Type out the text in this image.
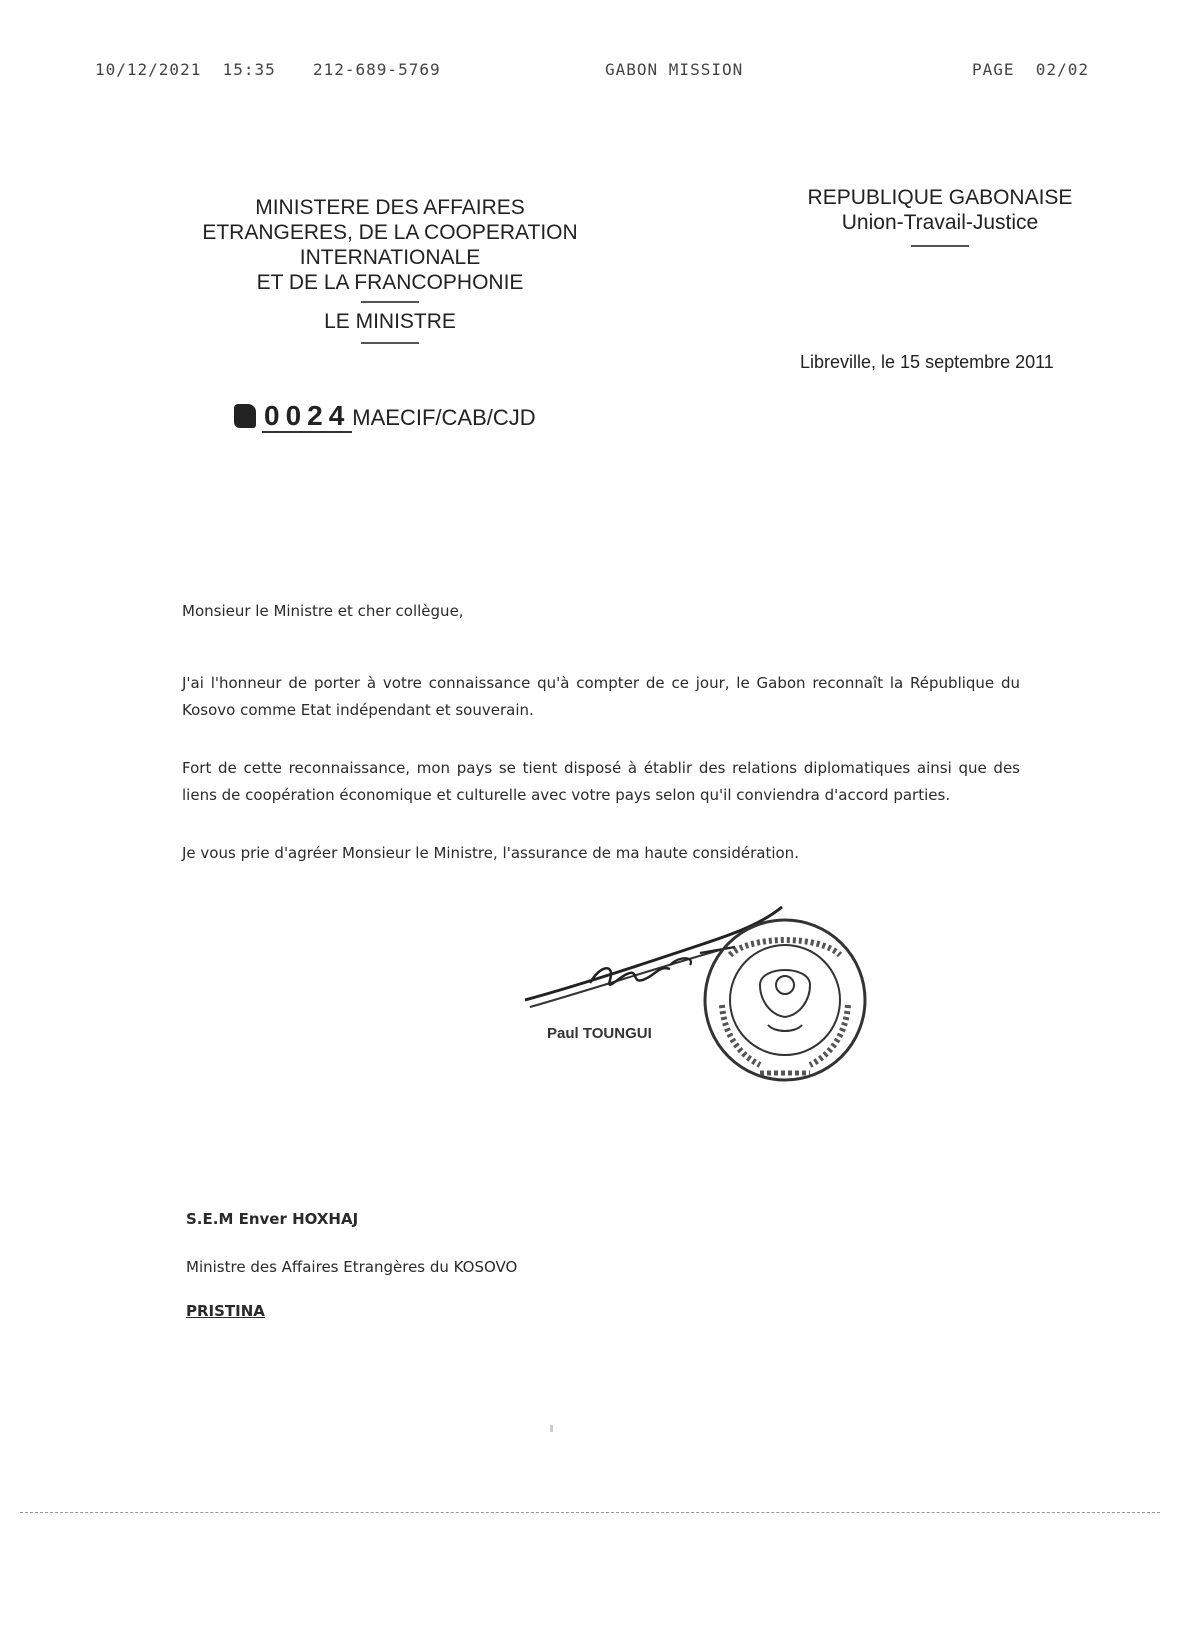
10/12/2021  15:35 212-689-5769	GABON MISSION	PAGE  02/02
MINISTERE DES AFFAIRES
ETRANGERES, DE LA COOPERATION
INTERNATIONALE
ET DE LA FRANCOPHONIE
LE MINISTRE
REPUBLIQUE GABONAISE
Union-Travail-Justice
Libreville, le 15 septembre 2011
0024MAECIF/CAB/CJD

Monsieur le Ministre et cher collègue,

J'ai l'honneur de porter à votre connaissance qu'à compter de ce jour, le Gabon reconnaît la République du Kosovo comme Etat indépendant et souverain.

Fort de cette reconnaissance, mon pays se tient disposé à établir des relations diplomatiques ainsi que des liens de coopération économique et culturelle avec votre pays selon qu'il conviendra d'accord parties.

Je vous prie d'agréer Monsieur le Ministre, l'assurance de ma haute considération.

Paul TOUNGUI
S.E.M Enver HOXHAJ
Ministre des Affaires Etrangères du KOSOVO
PRISTINA
